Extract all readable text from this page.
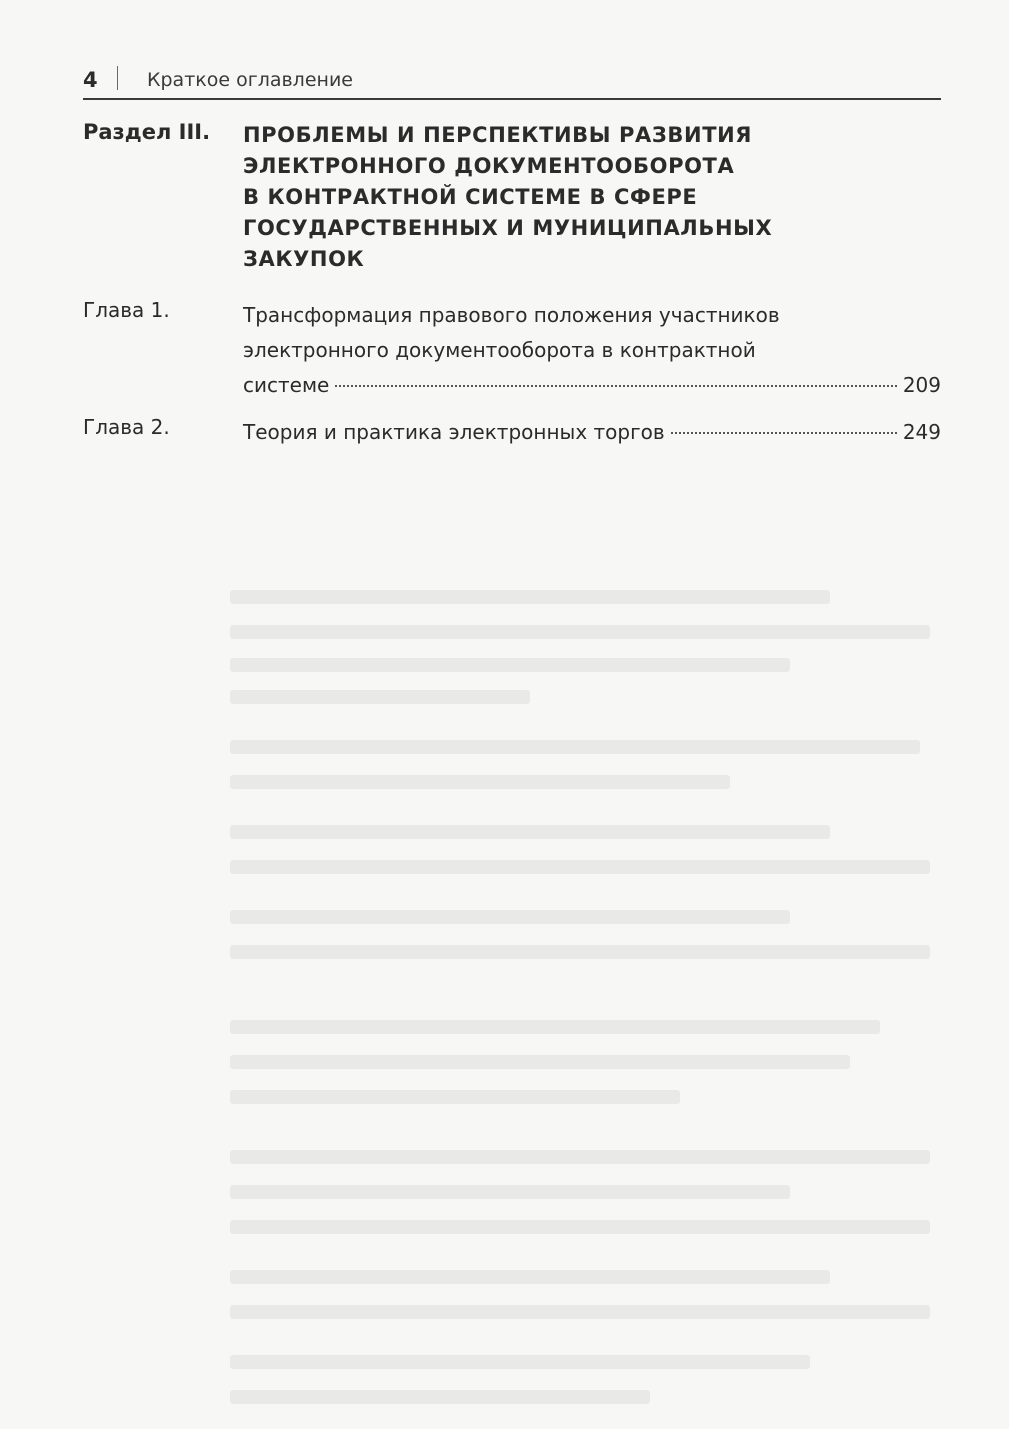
4	Краткое оглавление
Раздел III. ПРОБЛЕМЫ И ПЕРСПЕКТИВЫ РАЗВИТИЯ
ЭЛЕКТРОННОГО ДОКУМЕНТООБОРОТА
В КОНТРАКТНОЙ СИСТЕМЕ В СФЕРЕ
ГОСУДАРСТВЕННЫХ И МУНИЦИПАЛЬНЫХ
ЗАКУПОК
Глава 1.	Трансформация правового положения участников
электронного документооборота в контрактной
системе	209
Глава 2.	Теория и практика электронных торгов	249
